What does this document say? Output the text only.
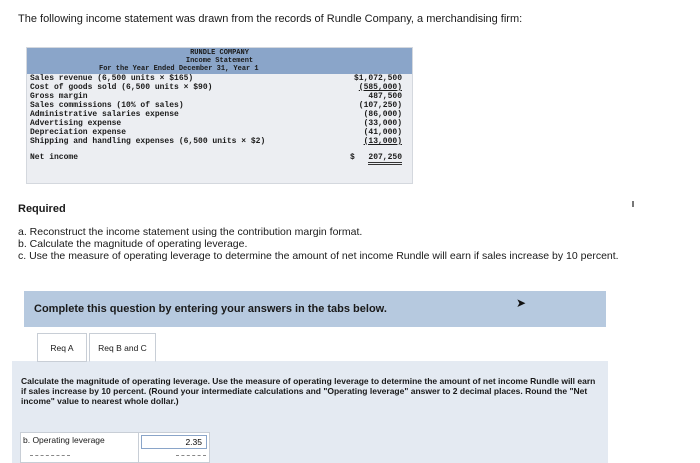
The following income statement was drawn from the records of Rundle Company, a merchandising firm:
RUNDLE COMPANY
Income Statement
For the Year Ended December 31, Year 1
Sales revenue (6,500 units × $165)	$1,072,500
Cost of goods sold (6,500 units × $90)	(585,000)
Gross margin	487,500
Sales commissions (10% of sales)	(107,250)
Administrative salaries expense	(86,000)
Advertising expense	(33,000)
Depreciation expense	(41,000)
Shipping and handling expenses (6,500 units × $2)	(13,000)
Net income	$ 207,250
Required
a. Reconstruct the income statement using the contribution margin format.
b. Calculate the magnitude of operating leverage.
c. Use the measure of operating leverage to determine the amount of net income Rundle will earn if sales increase by 10 percent.
Complete this question by entering your answers in the tabs below.	➤
Req A	Req B and C
Calculate the magnitude of operating leverage. Use the measure of operating leverage to determine the amount of net income Rundle will earn if sales increase by 10 percent. (Round your intermediate calculations and "Operating leverage" answer to 2 decimal places. Round the "Net income" value to nearest whole dollar.)
b. Operating leverage
2.35
